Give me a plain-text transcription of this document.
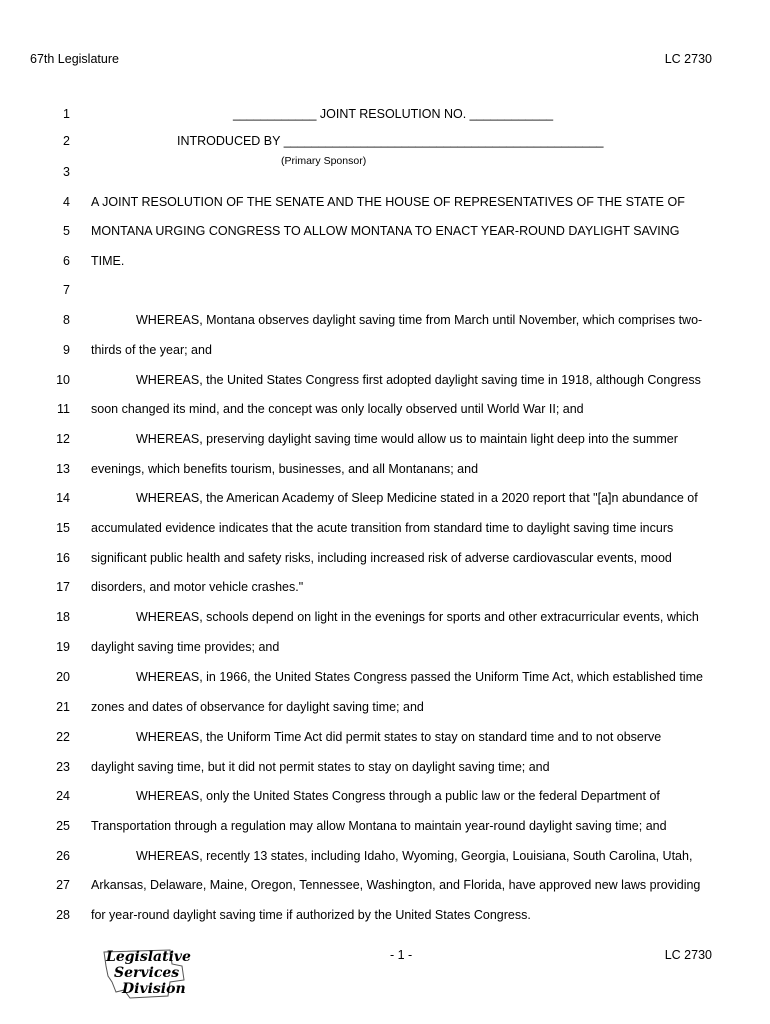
67th Legislature	LC 2730
1
2
3
4
5
6
7
8
9
10
11
12
13
14
15
16
17
18
19
20
21
22
23
24
25
26
27
28
____________ JOINT RESOLUTION NO. ____________
INTRODUCED BY ______________________________________________
(Primary Sponsor)
A JOINT RESOLUTION OF THE SENATE AND THE HOUSE OF REPRESENTATIVES OF THE STATE OF
MONTANA URGING CONGRESS TO ALLOW MONTANA TO ENACT YEAR-ROUND DAYLIGHT SAVING
TIME.
WHEREAS, Montana observes daylight saving time from March until November, which comprises two-
thirds of the year; and
WHEREAS, the United States Congress first adopted daylight saving time in 1918, although Congress
soon changed its mind, and the concept was only locally observed until World War II; and
WHEREAS, preserving daylight saving time would allow us to maintain light deep into the summer
evenings, which benefits tourism, businesses, and all Montanans; and
WHEREAS, the American Academy of Sleep Medicine stated in a 2020 report that "[a]n abundance of
accumulated evidence indicates that the acute transition from standard time to daylight saving time incurs
significant public health and safety risks, including increased risk of adverse cardiovascular events, mood
disorders, and motor vehicle crashes."
WHEREAS, schools depend on light in the evenings for sports and other extracurricular events, which
daylight saving time provides; and
WHEREAS, in 1966, the United States Congress passed the Uniform Time Act, which established time
zones and dates of observance for daylight saving time; and
WHEREAS, the Uniform Time Act did permit states to stay on standard time and to not observe
daylight saving time, but it did not permit states to stay on daylight saving time; and
WHEREAS, only the United States Congress through a public law or the federal Department of
Transportation through a regulation may allow Montana to maintain year-round daylight saving time; and
WHEREAS, recently 13 states, including Idaho, Wyoming, Georgia, Louisiana, South Carolina, Utah,
Arkansas, Delaware, Maine, Oregon, Tennessee, Washington, and Florida, have approved new laws providing
for year-round daylight saving time if authorized by the United States Congress.
Legislative
Services
Division
- 1 -	LC 2730
